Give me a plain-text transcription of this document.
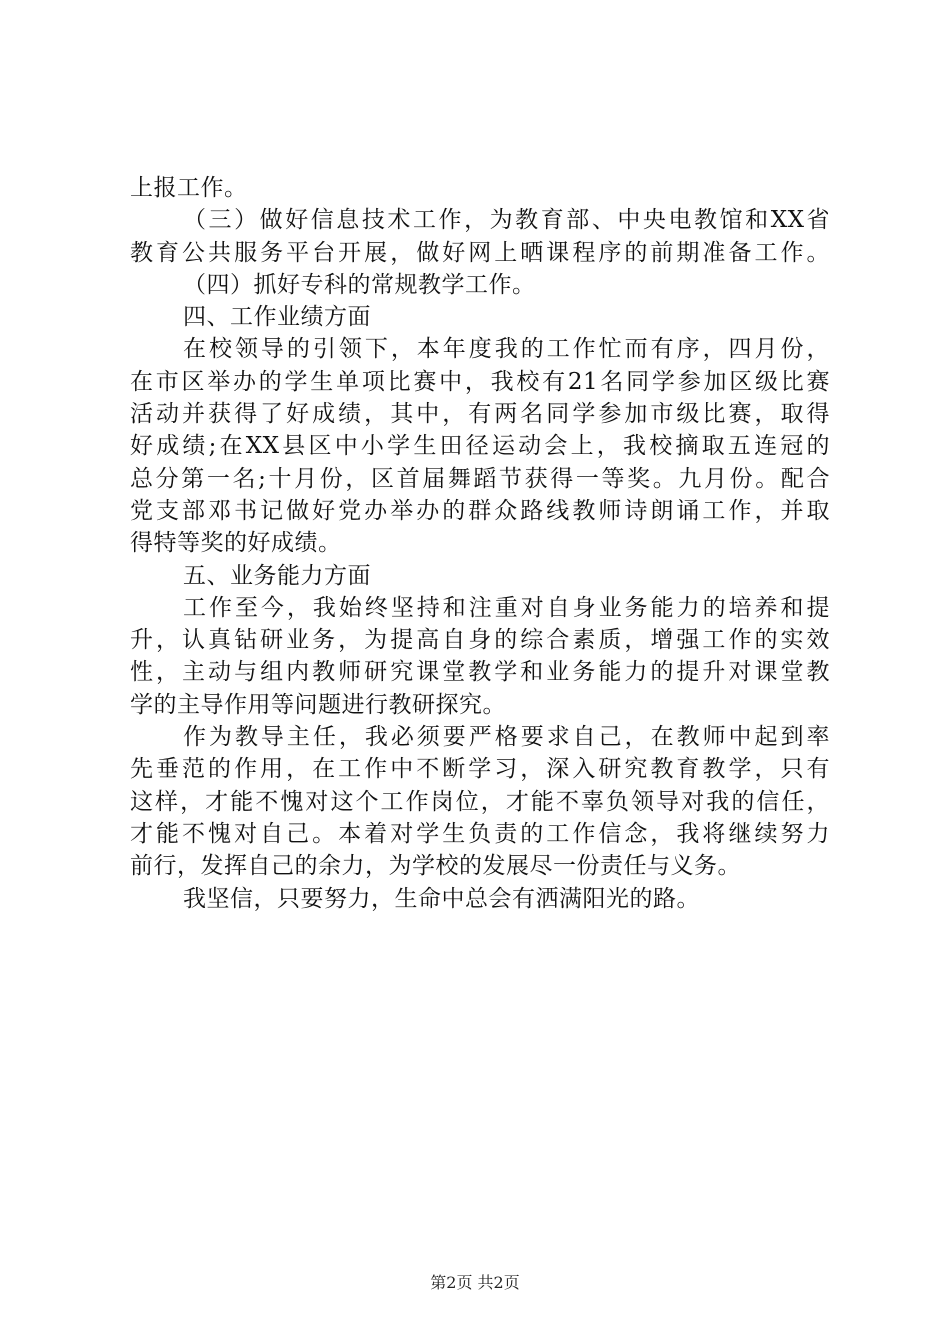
上报工作。
（三）做好信息技术工作，为教育部、中央电教馆和XX省
教育公共服务平台开展，做好网上晒课程序的前期准备工作。
（四）抓好专科的常规教学工作。
四、工作业绩方面
在校领导的引领下，本年度我的工作忙而有序，四月份，
在市区举办的学生单项比赛中，我校有21名同学参加区级比赛
活动并获得了好成绩，其中，有两名同学参加市级比赛，取得
好成绩;在XX县区中小学生田径运动会上，我校摘取五连冠的
总分第一名;十月份，区首届舞蹈节获得一等奖。九月份。配合
党支部邓书记做好党办举办的群众路线教师诗朗诵工作，并取
得特等奖的好成绩。
五、业务能力方面
工作至今，我始终坚持和注重对自身业务能力的培养和提
升，认真钻研业务，为提高自身的综合素质，增强工作的实效
性，主动与组内教师研究课堂教学和业务能力的提升对课堂教
学的主导作用等问题进行教研探究。
作为教导主任，我必须要严格要求自己，在教师中起到率
先垂范的作用，在工作中不断学习，深入研究教育教学，只有
这样，才能不愧对这个工作岗位，才能不辜负领导对我的信任，
才能不愧对自己。本着对学生负责的工作信念，我将继续努力
前行，发挥自己的余力，为学校的发展尽一份责任与义务。
我坚信，只要努力，生命中总会有洒满阳光的路。
第2页 共2页
